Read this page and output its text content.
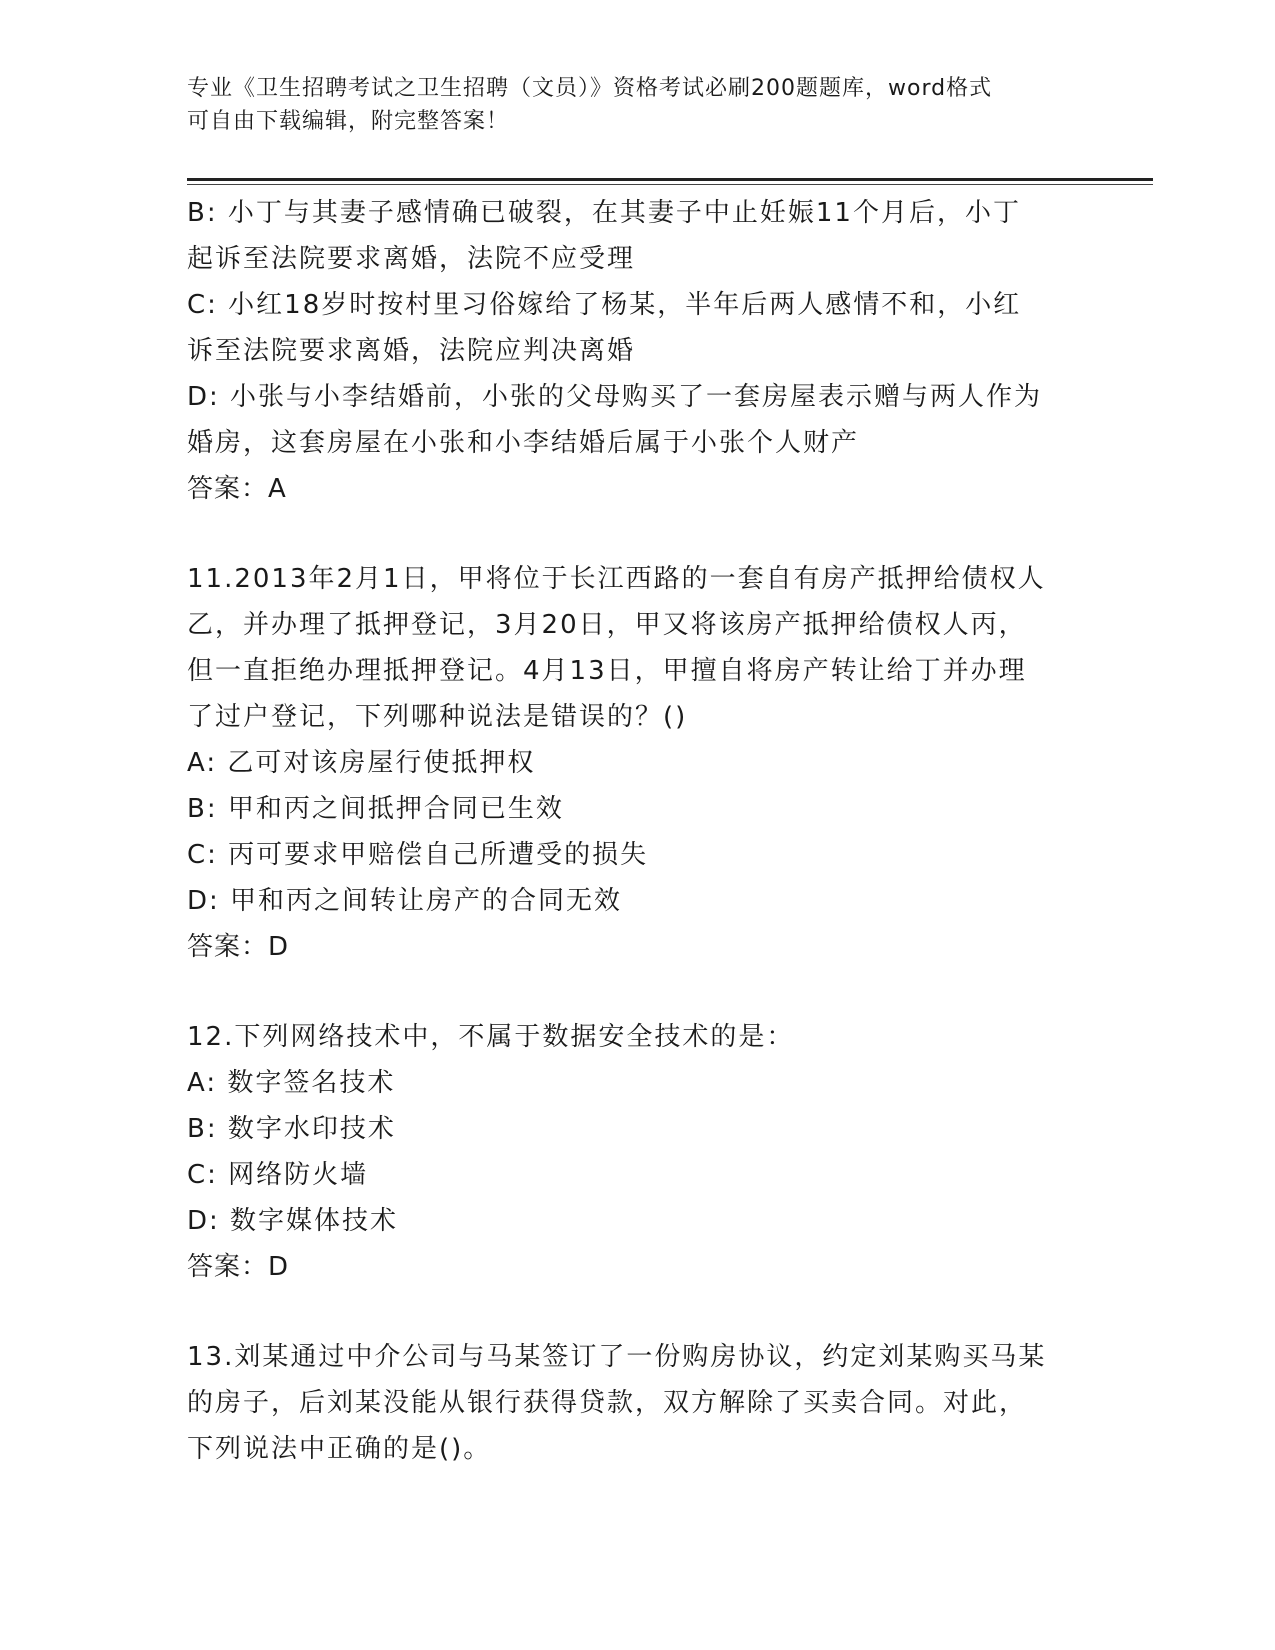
专业《卫生招聘考试之卫生招聘（文员）》资格考试必刷200题题库，word格式
可自由下载编辑，附完整答案！
B: 小丁与其妻子感情确已破裂，在其妻子中止妊娠11个月后，小丁
起诉至法院要求离婚，法院不应受理
C: 小红18岁时按村里习俗嫁给了杨某，半年后两人感情不和，小红
诉至法院要求离婚，法院应判决离婚
D: 小张与小李结婚前，小张的父母购买了一套房屋表示赠与两人作为
婚房，这套房屋在小张和小李结婚后属于小张个人财产
答案：A
11.2013年2月1日，甲将位于长江西路的一套自有房产抵押给债权人
乙，并办理了抵押登记，3月20日，甲又将该房产抵押给债权人丙，
但一直拒绝办理抵押登记。4月13日，甲擅自将房产转让给丁并办理
了过户登记，下列哪种说法是错误的？()
A: 乙可对该房屋行使抵押权
B: 甲和丙之间抵押合同已生效
C: 丙可要求甲赔偿自己所遭受的损失
D: 甲和丙之间转让房产的合同无效
答案：D
12.下列网络技术中，不属于数据安全技术的是：
A: 数字签名技术
B: 数字水印技术
C: 网络防火墙
D: 数字媒体技术
答案：D
13.刘某通过中介公司与马某签订了一份购房协议，约定刘某购买马某
的房子，后刘某没能从银行获得贷款，双方解除了买卖合同。对此，
下列说法中正确的是()。
